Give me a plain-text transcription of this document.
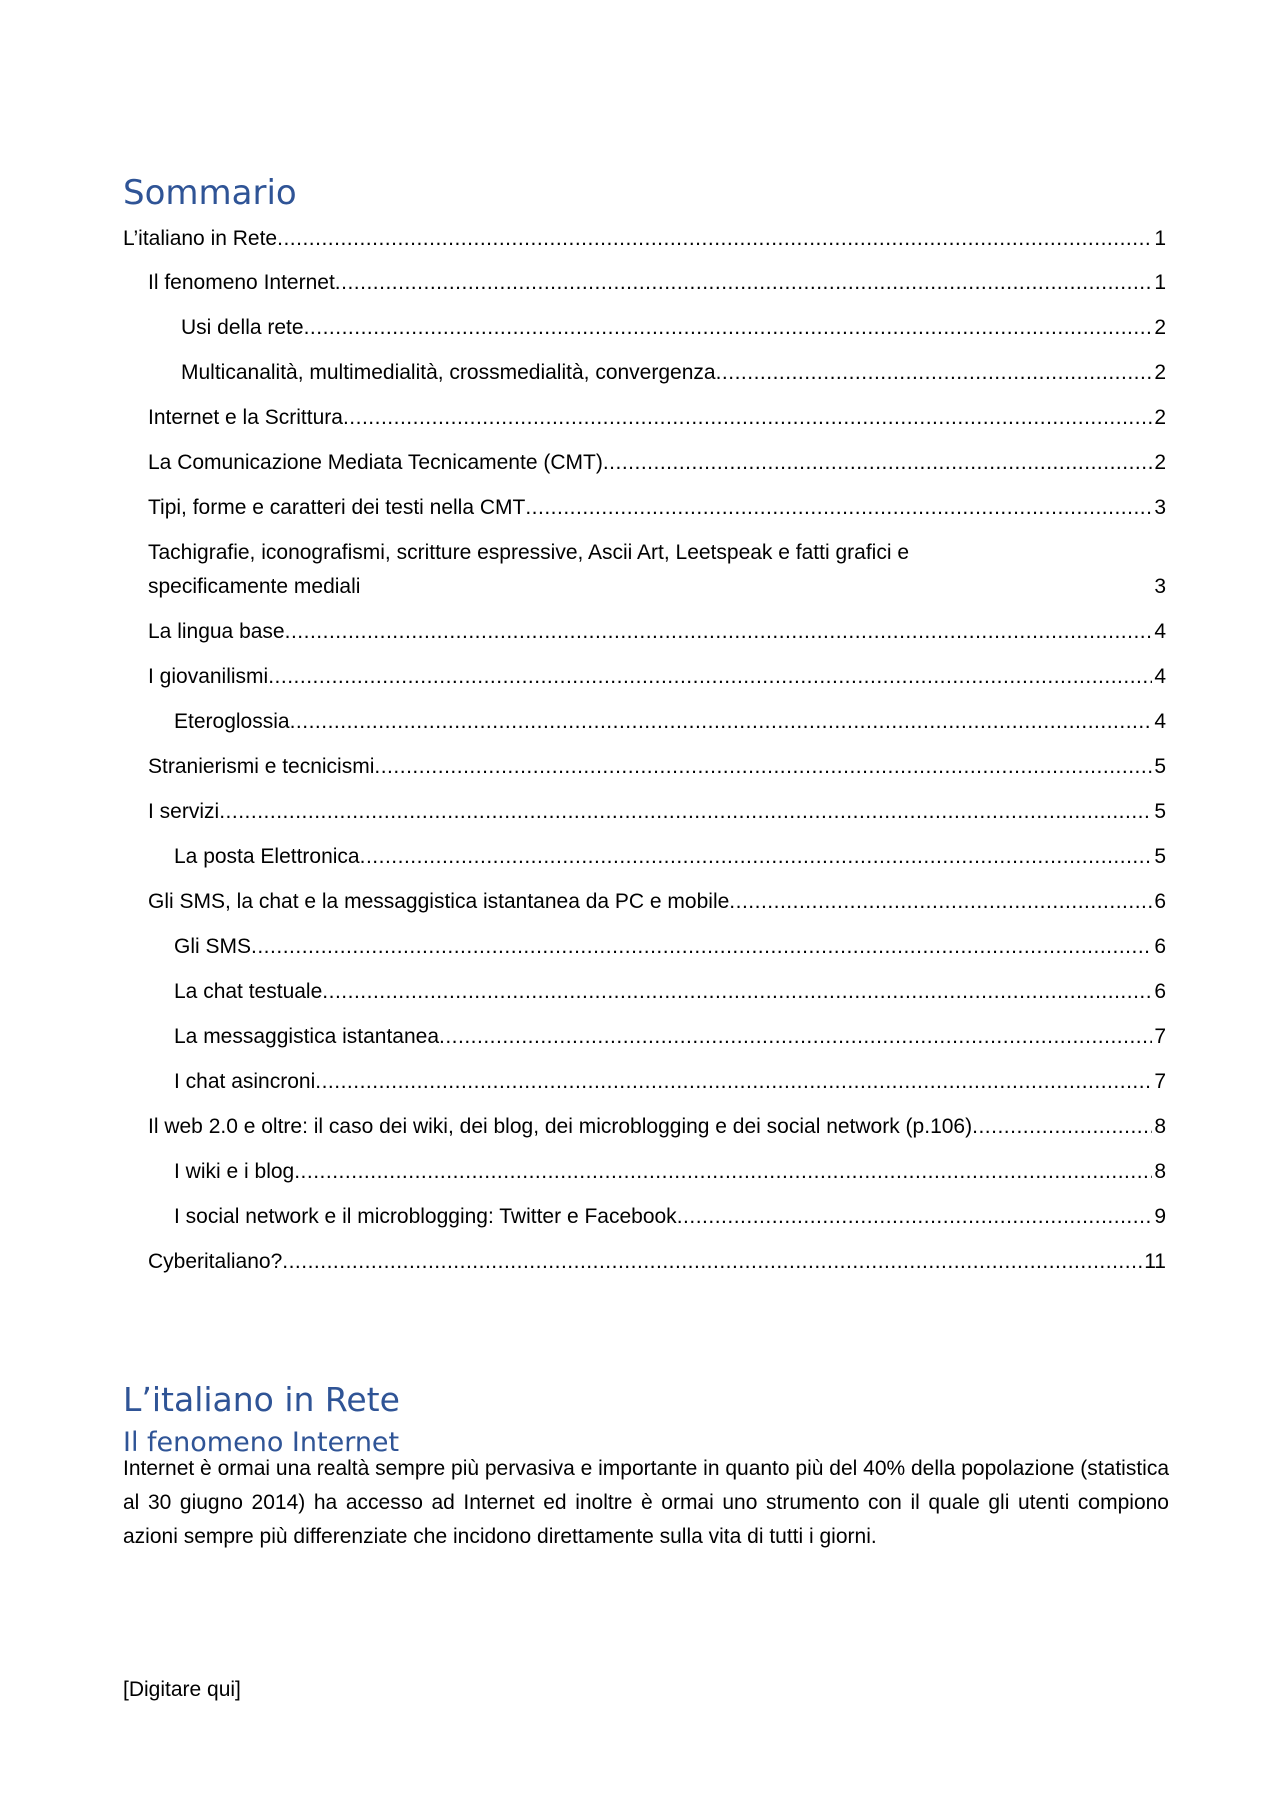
Sommario
L’italiano in Rete .....	1
Il fenomeno Internet .....	1
Usi della rete .....	2
Multicanalità, multimedialità, crossmedialità, convergenza .....	2
Internet e la Scrittura .....	2
La Comunicazione Mediata Tecnicamente (CMT) .....	2
Tipi, forme e caratteri dei testi nella CMT .....	3
Tachigrafie, iconografismi, scritture espressive, Ascii Art, Leetspeak e fatti grafici e
specificamente mediali	3
La lingua base .....	4
I giovanilismi .....	4
Eteroglossia .....	4
Stranierismi e tecnicismi .....	5
I servizi .....	5
La posta Elettronica .....	5
Gli SMS, la chat e la messaggistica istantanea da PC e mobile .....	6
Gli SMS .....	6
La chat testuale .....	6
La messaggistica istantanea .....	7
I chat asincroni .....	7
Il web 2.0 e oltre: il caso dei wiki, dei blog, dei microblogging e dei social network (p.106) .....	8
I wiki e i blog .....	8
I social network e il microblogging: Twitter e Facebook .....	9
Cyberitaliano? .....	11
L’italiano in Rete
Il fenomeno Internet
Internet è ormai una realtà sempre più pervasiva e importante in quanto più del 40% della popolazione (statistica al 30 giugno 2014) ha accesso ad Internet ed inoltre è ormai uno strumento con il quale gli utenti compiono azioni sempre più differenziate che incidono direttamente sulla vita di tutti i giorni.
[Digitare qui]
